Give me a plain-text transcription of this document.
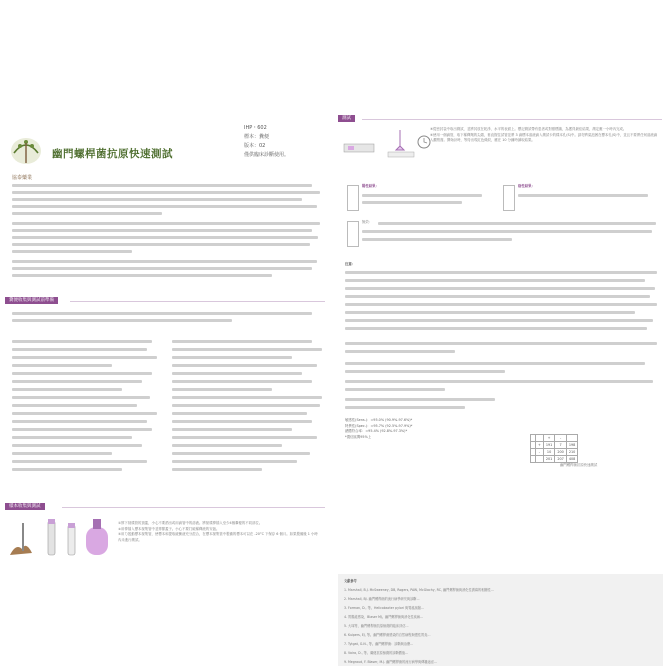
協泰藥業
幽門螺桿菌抗原快速測試
IHP・602
標本：糞便
版本：02
僅供臨床診斷使用。
糞便收集與測試前準備
樣本收集與測試
①擰下採樣管的頂蓋，小心不要洒出或用滴管中的溶液。將採樣棒插入至少4個糞便的不同部位。
②用棒插入標本採集管中並擰緊蓋子。小心不要打破稀釋液的安瓿。
③用力搖動標本採集管，使標本和提取緩衝液充分混合，在標本採集管中製備的標本可以在 -20°C 下保存 6 個月。如果製備後 1 小時內未進行測試。
測試
⑤從密封袋中取出測試，並將其放在乾淨、水平的表面上。標記測試帶有患者或對照標識，為獲得最佳結果，測定應一小時內完成。
⑥使用一個滴管，取下稀釋劑的尖端，垂直握住試管並將 3 滴標本溶液滴入測試卡的樣本孔(S)中。請勿將氣泡困在標本孔(S)中，並且不要將任何溶液滴入觀察窗。開始計時，等待出現紅色條紋，應在 10 分鐘時讀取結果。
陽性結果：	陰性結果：
無效：
注意：
敏感性(Sens.)：=95.0% (90.9%-97.6%)*
特異性(Spec.)：=95.7% (92.5%-97.9%)*
總體符合率：=95.4% (92.8%-97.3%)*
*置信區間95%上
			+	-	
	+	191	7	198
	-	10	200	210
		201	207	408
幽門螺桿菌抗原快速測試
文獻參考
1. Marshall, B.J. McSweeney, DB, Rogers, PAW, McGlachy, RC, 幽門螺桿菌與消化性潰瘍的相關性...
2. Marshall, BJ. 幽門螺桿菌的流行病學研究與診斷...
3. Forman, D., 等。Helicobacter pylori 與胃癌風險...
4. 胃腸道感染，Blaser MJ。幽門螺桿菌與消化性疾病...
5. 大塚等，幽門螺桿菌抗原檢測的臨床評估...
6. Kuipers, EJ, 等。幽門螺桿菌感染的自然病程與慢性胃炎...
7. Tytgat, G.N., 等。幽門螺桿菌：診斷與治療...
8. Vaira, D., 等。糞便抗原檢測的診斷價值...
9. Megraud, F. Blaser, M.J. 幽門螺桿菌的流行病學與傳播途徑...
